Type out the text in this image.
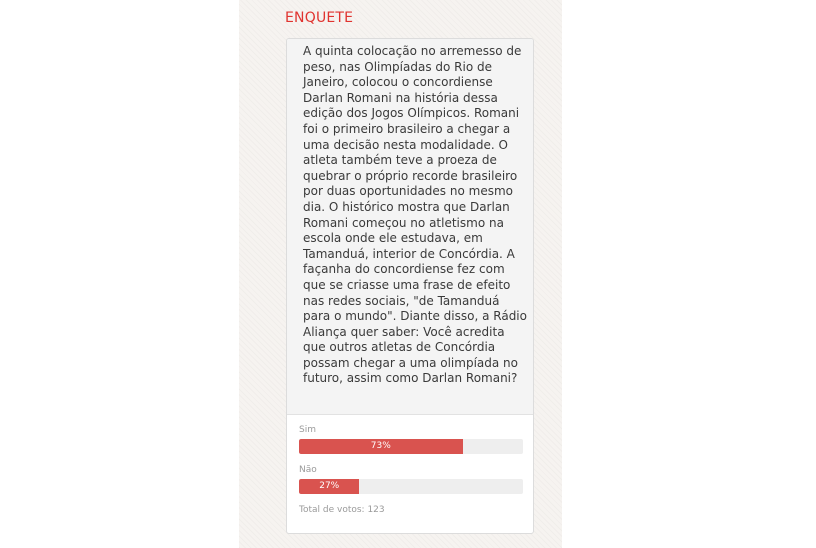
ENQUETE

A quinta colocação no arremesso de peso, nas Olimpíadas do Rio de Janeiro, colocou o concordiense Darlan Romani na história dessa edição dos Jogos Olímpicos. Romani foi o primeiro brasileiro a chegar a uma decisão nesta modalidade. O atleta também teve a proeza de quebrar o próprio recorde brasileiro por duas oportunidades no mesmo dia. O histórico mostra que Darlan Romani começou no atletismo na escola onde ele estudava, em Tamanduá, interior de Concórdia. A façanha do concordiense fez com que se criasse uma frase de efeito nas redes sociais, "de Tamanduá para o mundo". Diante disso, a Rádio Aliança quer saber: Você acredita que outros atletas de Concórdia possam chegar a uma olimpíada no futuro, assim como Darlan Romani?

Sim
73%
Não
27%
Total de votos: 123
